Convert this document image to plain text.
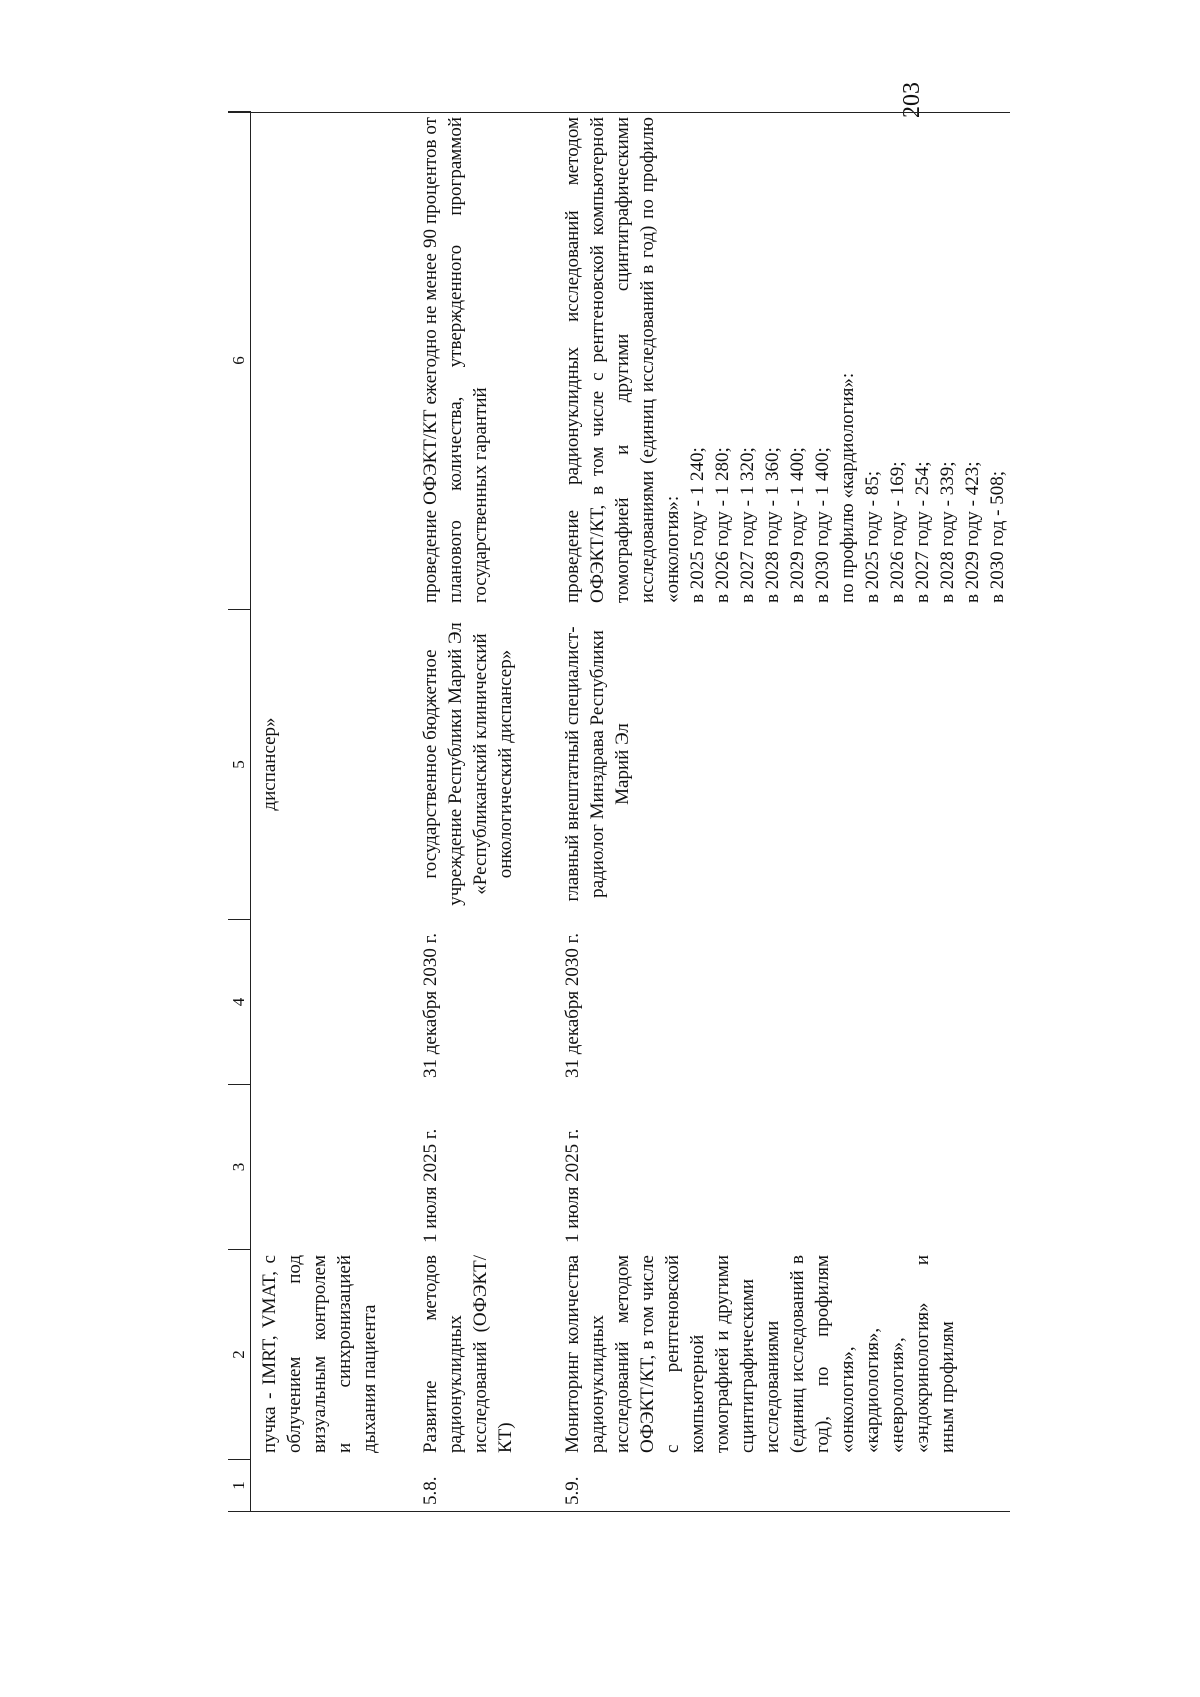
203
1
2
3
4
5
6
пучка - IMRT, VMAT, с облучением под визуальным контролем и синхронизацией дыхания пациента
диспансер»
5.8.
Развитие методов радионуклидных исследований (ОФЭКТ/КТ)
1 июля 2025 г.
31 декабря 2030 г.
государственное бюджетное учреждение Республики Марий Эл «Республиканский клинический онкологический диспансер»
проведение ОФЭКТ/КТ ежегодно не менее 90 процентов от планового количества, утвержденного программой государственных гарантий
5.9.
Мониторинг количества радионуклидных исследований методом ОФЭКТ/КТ, в том числе с рентгеновской компьютерной томографией и другими сцинтиграфическими исследованиями (единиц исследований в год), по профилям «онкология», «кардиология», «неврология», «эндокринология» и иным профилям
1 июля 2025 г.
31 декабря 2030 г.
главный внештатный специалист-радиолог Минздрава Республики Марий Эл
проведение радионуклидных исследований методом ОФЭКТ/КТ, в том числе с рентгеновской компьютерной томографией и другими сцинтиграфическими исследованиями (единиц исследований в год) по профилю «онкология»: в 2025 году - 1 240; в 2026 году - 1 280; в 2027 году - 1 320; в 2028 году - 1 360; в 2029 году - 1 400; в 2030 году - 1 400; по профилю «кардиология»: в 2025 году - 85; в 2026 году - 169; в 2027 году - 254; в 2028 году - 339; в 2029 году - 423; в 2030 год - 508;
